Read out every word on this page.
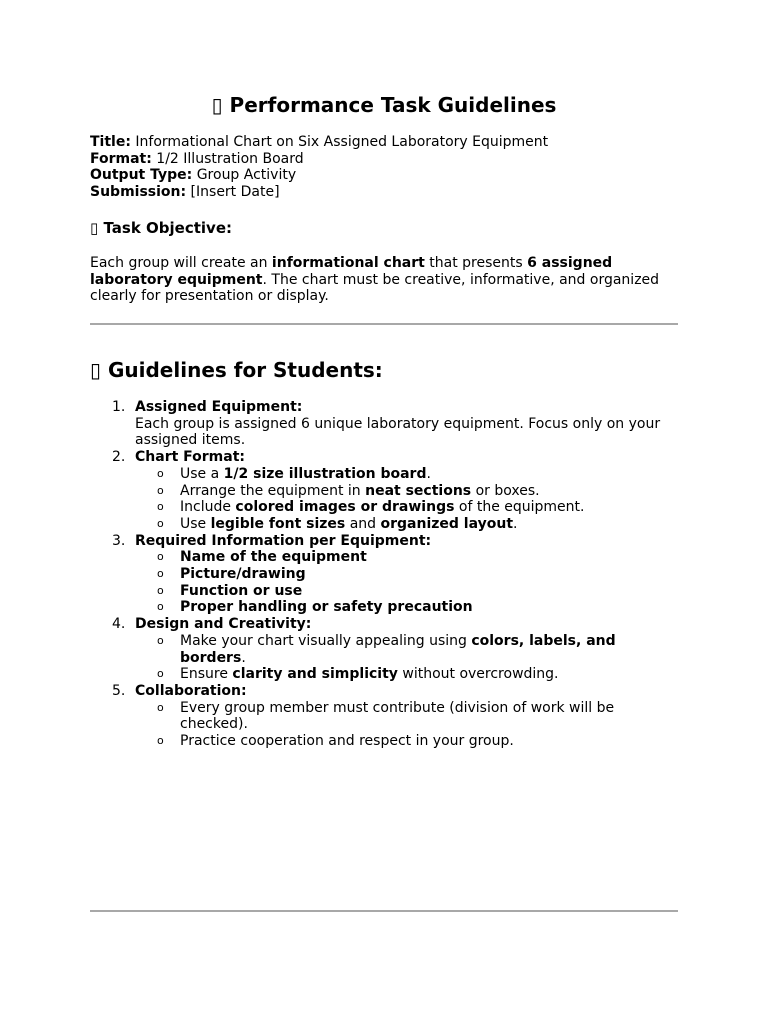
▯ Performance Task Guidelines
Title: Informational Chart on Six Assigned Laboratory Equipment
Format: 1/2 Illustration Board
Output Type: Group Activity
Submission: [Insert Date]
▯ Task Objective:

Each group will create an informational chart that presents 6 assigned laboratory equipment. The chart must be creative, informative, and organized clearly for presentation or display.

▯ Guidelines for Students:
1. Assigned Equipment:
Each group is assigned 6 unique laboratory equipment. Focus only on your assigned items.
2. Chart Format:
o Use a 1/2 size illustration board.
o Arrange the equipment in neat sections or boxes.
o Include colored images or drawings of the equipment.
o Use legible font sizes and organized layout.
3. Required Information per Equipment:
o Name of the equipment
o Picture/drawing
o Function or use
o Proper handling or safety precaution
4. Design and Creativity:
o Make your chart visually appealing using colors, labels, and borders.
o Ensure clarity and simplicity without overcrowding.
5. Collaboration:
o Every group member must contribute (division of work will be checked).
o Practice cooperation and respect in your group.
